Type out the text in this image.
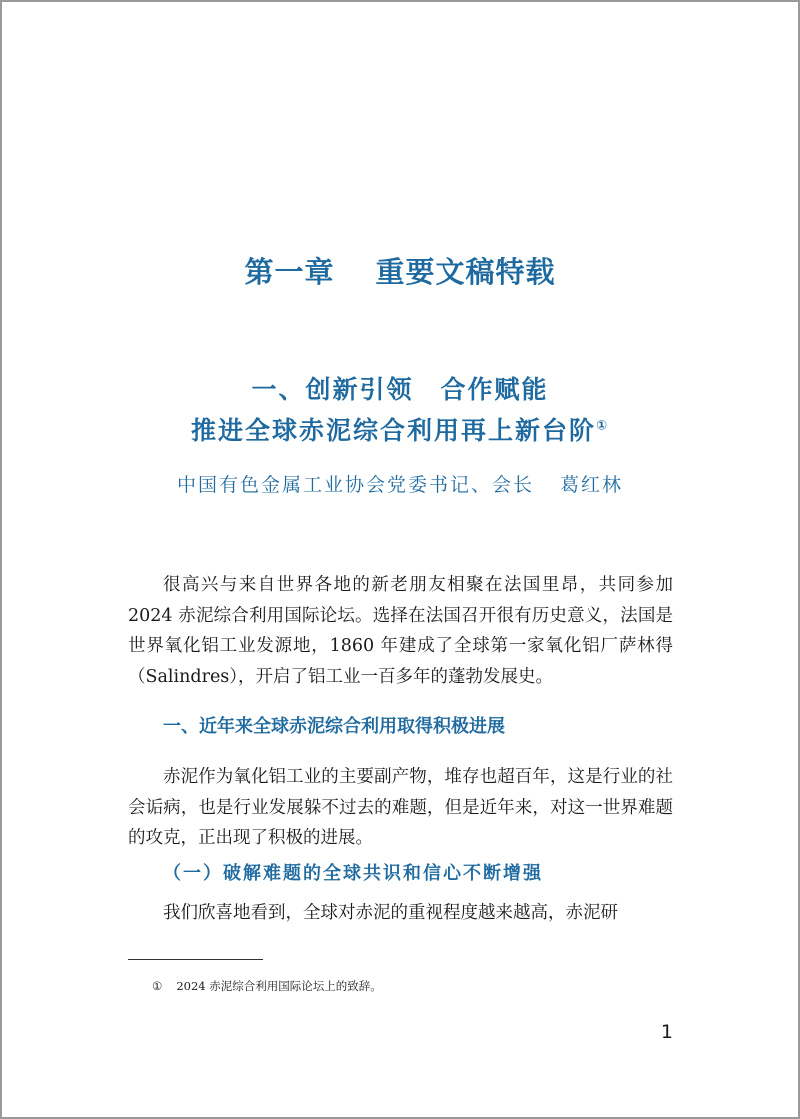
第一章　 重要文稿特载
一、创新引领　合作赋能
推进全球赤泥综合利用再上新台阶①
中国有色金属工业协会党委书记、会长 葛红林

很高兴与来自世界各地的新老朋友相聚在法国里昂，共同参加 2024 赤泥综合利用国际论坛。选择在法国召开很有历史意义，法国是世界氧化铝工业发源地，1860 年建成了全球第一家氧化铝厂萨林得（Salindres），开启了铝工业一百多年的蓬勃发展史。

一、近年来全球赤泥综合利用取得积极进展

赤泥作为氧化铝工业的主要副产物，堆存也超百年，这是行业的社会诟病，也是行业发展躲不过去的难题，但是近年来，对这一世界难题的攻克，正出现了积极的进展。

（一）破解难题的全球共识和信心不断增强

我们欣喜地看到，全球对赤泥的重视程度越来越高，赤泥研

① 2024 赤泥综合利用国际论坛上的致辞。
1
